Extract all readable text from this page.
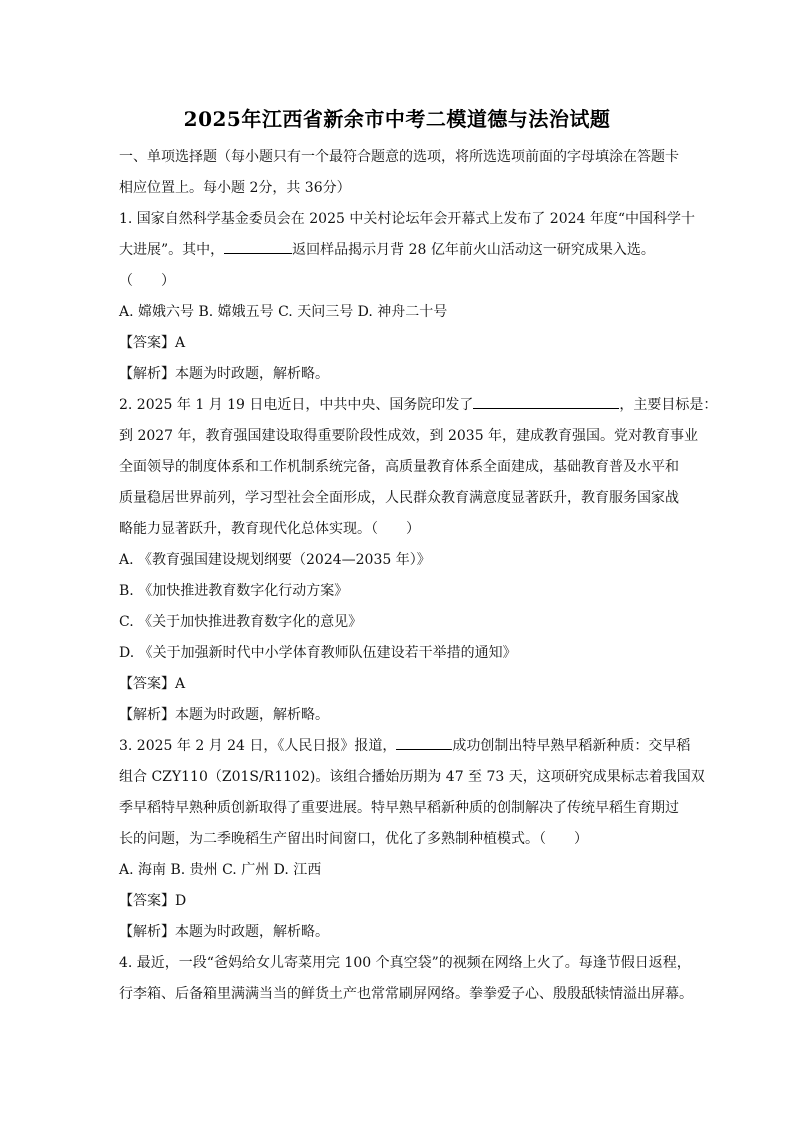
2025年江西省新余市中考二模道德与法治试题
一、单项选择题（每小题只有一个最符合题意的选项，将所选选项前面的字母填涂在答题卡
相应位置上。每小题 2分，共 36分）
1. 国家自然科学基金委员会在 2025 中关村论坛年会开幕式上发布了 2024 年度“中国科学十
大进展”。其中，	返回样品揭示月背 28 亿年前火山活动这一研究成果入选。
（　　）
A. 嫦娥六号 B. 嫦娥五号 C. 天问三号 D. 神舟二十号
【答案】A
【解析】本题为时政题，解析略。
2. 2025 年 1 月 19 日电近日，中共中央、国务院印发了	，主要目标是：
到 2027 年，教育强国建设取得重要阶段性成效，到 2035 年，建成教育强国。党对教育事业
全面领导的制度体系和工作机制系统完备，高质量教育体系全面建成，基础教育普及水平和
质量稳居世界前列，学习型社会全面形成，人民群众教育满意度显著跃升，教育服务国家战
略能力显著跃升，教育现代化总体实现。（　　）
A. 《教育强国建设规划纲要（2024—2035 年）》
B. 《加快推进教育数字化行动方案》
C. 《关于加快推进教育数字化的意见》
D. 《关于加强新时代中小学体育教师队伍建设若干举措的通知》
【答案】A
【解析】本题为时政题，解析略。
3. 2025 年 2 月 24 日，《人民日报》报道，	成功创制出特早熟早稻新种质：交早稻
组合 CZY110（Z01S/R1102)。该组合播始历期为 47 至 73 天，这项研究成果标志着我国双
季早稻特早熟种质创新取得了重要进展。特早熟早稻新种质的创制解决了传统早稻生育期过
长的问题，为二季晚稻生产留出时间窗口，优化了多熟制种植模式。（　　）
A. 海南 B. 贵州 C. 广州 D. 江西
【答案】D
【解析】本题为时政题，解析略。
4. 最近，一段“爸妈给女儿寄菜用完 100 个真空袋”的视频在网络上火了。每逢节假日返程，
行李箱、后备箱里满满当当的鲜货土产也常常刷屏网络。拳拳爱子心、殷殷舐犊情溢出屏幕。
